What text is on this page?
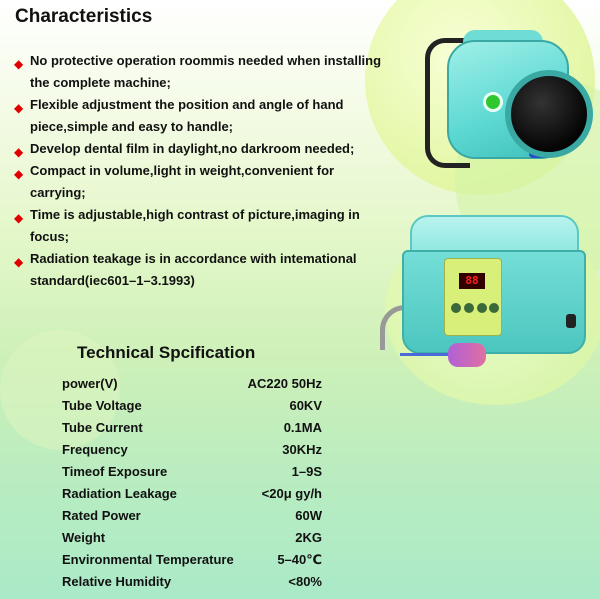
Characteristics
◆ No protective operation roommis needed when installing the complete machine;
◆ Flexible adjustment the position and angle of hand piece,simple and easy to handle;
◆ Develop dental film in daylight,no darkroom needed;
◆ Compact in volume,light in weight,convenient for carrying;
◆ Time is adjustable,high contrast of picture,imaging in focus;
◆ Radiation teakage is in accordance with intemational standard(iec601–1–3.1993)	88
Technical Spcification
power(V)	AC220 50Hz
Tube Voltage	60KV
Tube Current	0.1MA
Frequency	30KHz
Timeof Exposure	1–9S
Radiation Leakage	<20μ gy/h
Rated Power	60W
Weight	2KG
Environmental Temperature	5–40℃
Relative Humidity	<80%
